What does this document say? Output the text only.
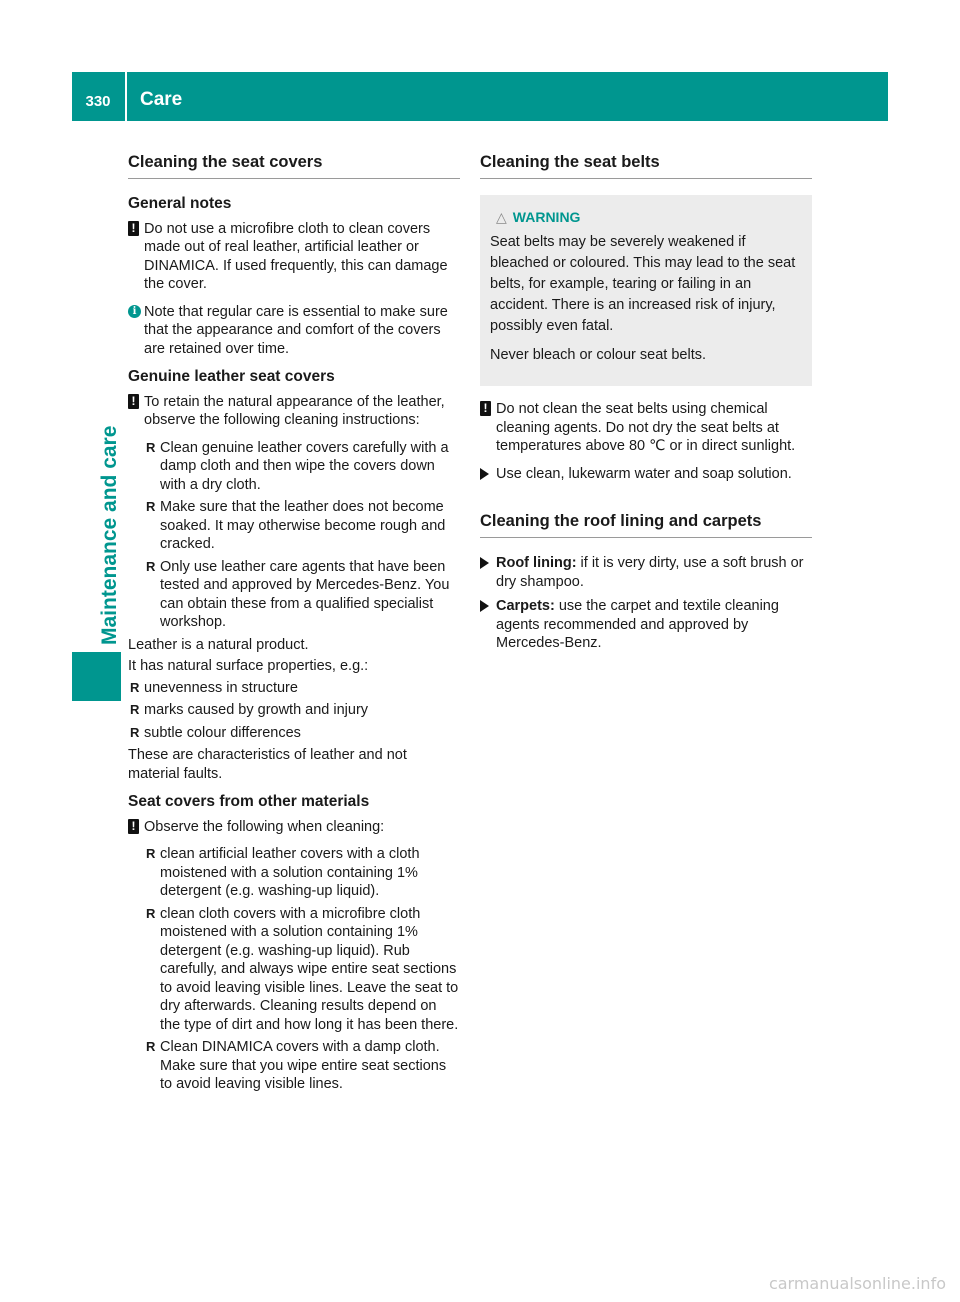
330	Care
Maintenance and care
Cleaning the seat covers
General notes
! Do not use a microfibre cloth to clean covers made out of real leather, artificial leather or DINAMICA. If used frequently, this can damage the cover.
i Note that regular care is essential to make sure that the appearance and comfort of the covers are retained over time.
Genuine leather seat covers
! To retain the natural appearance of the leather, observe the following cleaning instructions:
R Clean genuine leather covers carefully with a damp cloth and then wipe the covers down with a dry cloth.
R Make sure that the leather does not become soaked. It may otherwise become rough and cracked.
R Only use leather care agents that have been tested and approved by Mercedes-Benz. You can obtain these from a qualified specialist workshop.
Leather is a natural product.
It has natural surface properties, e.g.:
R unevenness in structure
R marks caused by growth and injury
R subtle colour differences
These are characteristics of leather and not material faults.
Seat covers from other materials
! Observe the following when cleaning:
R clean artificial leather covers with a cloth moistened with a solution containing 1% detergent (e.g. washing-up liquid).
R clean cloth covers with a microfibre cloth moistened with a solution containing 1% detergent (e.g. washing-up liquid). Rub carefully, and always wipe entire seat sections to avoid leaving visible lines. Leave the seat to dry afterwards. Cleaning results depend on the type of dirt and how long it has been there.
R Clean DINAMICA covers with a damp cloth. Make sure that you wipe entire seat sections to avoid leaving visible lines.
Cleaning the seat belts
△ WARNING
Seat belts may be severely weakened if bleached or coloured. This may lead to the seat belts, for example, tearing or failing in an accident. There is an increased risk of injury, possibly even fatal.
Never bleach or colour seat belts.
! Do not clean the seat belts using chemical cleaning agents. Do not dry the seat belts at temperatures above 80 ℃ or in direct sunlight.
Use clean, lukewarm water and soap solution.
Cleaning the roof lining and carpets
Roof lining: if it is very dirty, use a soft brush or dry shampoo.
Carpets: use the carpet and textile cleaning agents recommended and approved by Mercedes-Benz.
carmanualsonline.info
